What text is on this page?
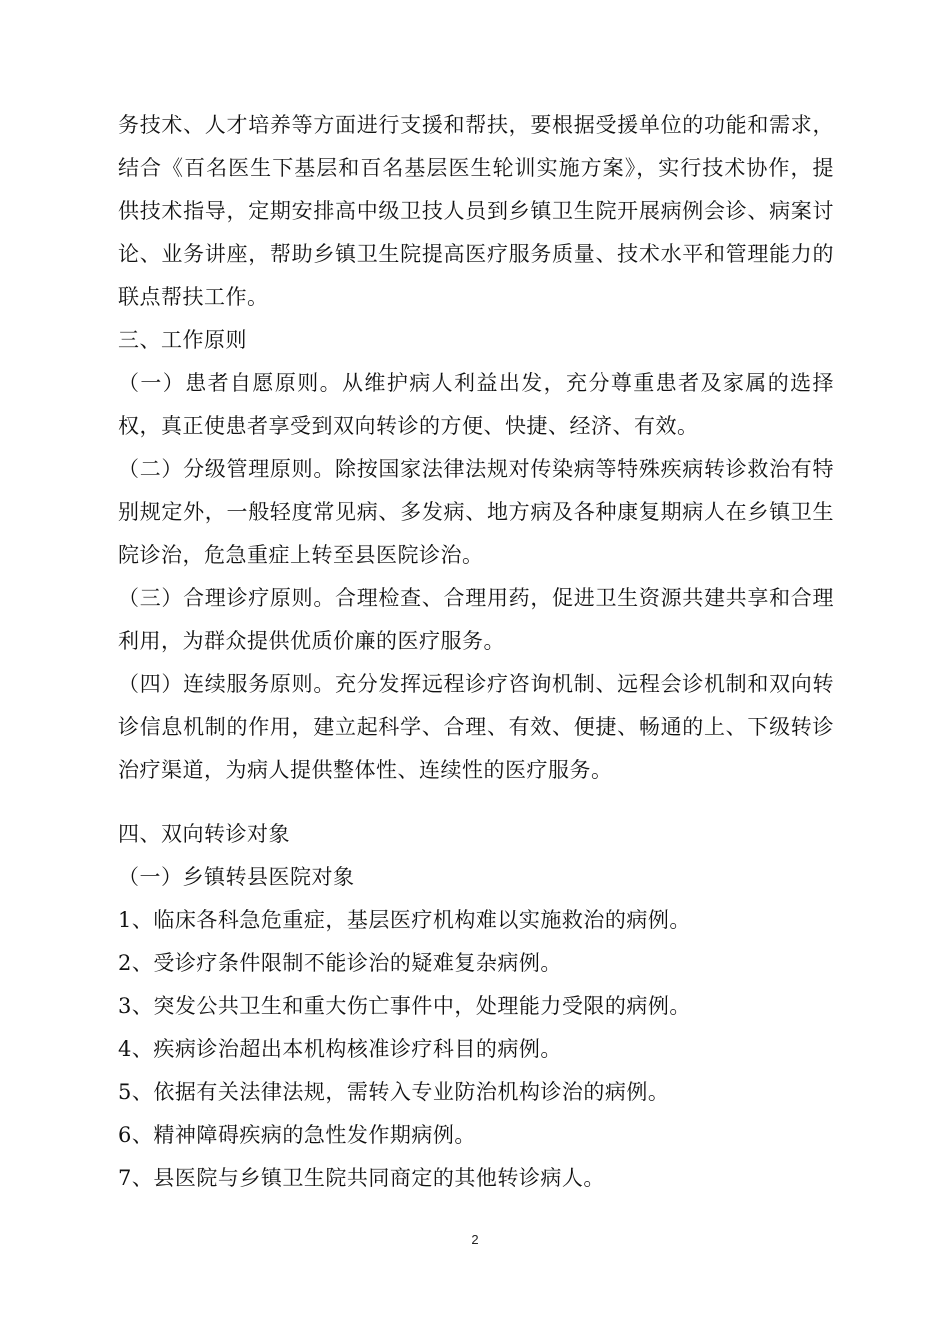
务技术、人才培养等方面进行支援和帮扶，要根据受援单位的功能和需求，结合《百名医生下基层和百名基层医生轮训实施方案》，实行技术协作，提供技术指导，定期安排高中级卫技人员到乡镇卫生院开展病例会诊、病案讨论、业务讲座，帮助乡镇卫生院提高医疗服务质量、技术水平和管理能力的联点帮扶工作。

三、工作原则

（一）患者自愿原则。从维护病人利益出发，充分尊重患者及家属的选择权，真正使患者享受到双向转诊的方便、快捷、经济、有效。

（二）分级管理原则。除按国家法律法规对传染病等特殊疾病转诊救治有特别规定外，一般轻度常见病、多发病、地方病及各种康复期病人在乡镇卫生院诊治，危急重症上转至县医院诊治。

（三）合理诊疗原则。合理检查、合理用药，促进卫生资源共建共享和合理利用，为群众提供优质价廉的医疗服务。

（四）连续服务原则。充分发挥远程诊疗咨询机制、远程会诊机制和双向转诊信息机制的作用，建立起科学、合理、有效、便捷、畅通的上、下级转诊治疗渠道，为病人提供整体性、连续性的医疗服务。

四、双向转诊对象

（一）乡镇转县医院对象

1、临床各科急危重症，基层医疗机构难以实施救治的病例。

2、受诊疗条件限制不能诊治的疑难复杂病例。

3、突发公共卫生和重大伤亡事件中，处理能力受限的病例。

4、疾病诊治超出本机构核准诊疗科目的病例。

5、依据有关法律法规，需转入专业防治机构诊治的病例。

6、精神障碍疾病的急性发作期病例。

7、县医院与乡镇卫生院共同商定的其他转诊病人。

2
